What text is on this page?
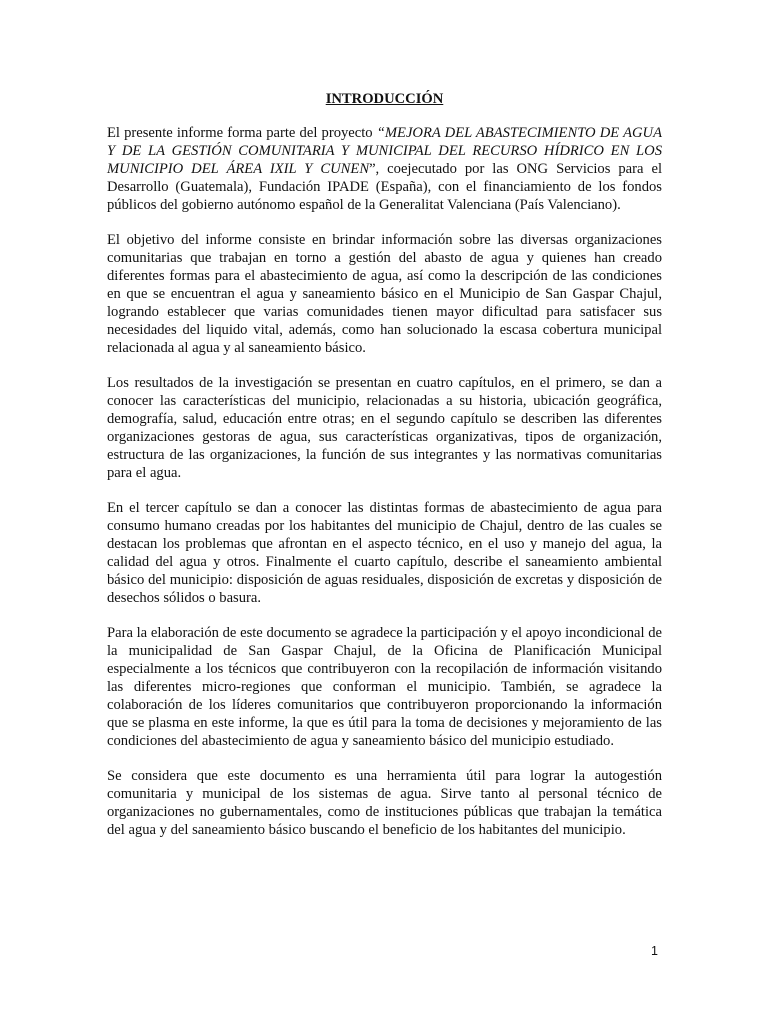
INTRODUCCIÓN

El presente informe forma parte del proyecto “MEJORA DEL ABASTECIMIENTO DE AGUA Y DE LA GESTIÓN COMUNITARIA Y MUNICIPAL DEL RECURSO HÍDRICO EN LOS MUNICIPIO DEL ÁREA IXIL Y CUNEN”, coejecutado por las ONG Servicios para el Desarrollo (Guatemala), Fundación IPADE (España), con el financiamiento de los fondos públicos del gobierno autónomo español de la Generalitat Valenciana (País Valenciano).

El objetivo del informe consiste en brindar información sobre las diversas organizaciones comunitarias que trabajan en torno a gestión del abasto de agua y quienes han creado diferentes formas para el abastecimiento de agua, así como la descripción de las condiciones en que se encuentran el agua y saneamiento básico en el Municipio de San Gaspar Chajul, logrando establecer que varias comunidades tienen mayor dificultad para satisfacer sus necesidades del liquido vital, además, como han solucionado la escasa cobertura municipal relacionada al agua y al saneamiento básico.

Los resultados de la investigación se presentan en cuatro capítulos, en el primero, se dan a conocer las características del municipio, relacionadas a su historia, ubicación geográfica, demografía, salud, educación entre otras; en el segundo capítulo se describen las diferentes organizaciones gestoras de agua, sus características organizativas, tipos de organización, estructura de las organizaciones, la función de sus integrantes y las normativas comunitarias para el agua.

En el tercer capítulo se dan a conocer las distintas formas de abastecimiento de agua para consumo humano creadas por los habitantes del municipio de Chajul, dentro de las cuales se destacan los problemas que afrontan en el aspecto técnico, en el uso y manejo del agua, la calidad del agua y otros. Finalmente el cuarto capítulo, describe el saneamiento ambiental básico del municipio: disposición de aguas residuales, disposición de excretas y disposición de desechos sólidos o basura.

Para la elaboración de este documento se agradece la participación y el apoyo incondicional de la municipalidad de San Gaspar Chajul, de la Oficina de Planificación Municipal especialmente a los técnicos que contribuyeron con la recopilación de información visitando las diferentes micro-regiones que conforman el municipio. También, se agradece la colaboración de los líderes comunitarios que contribuyeron proporcionando la información que se plasma en este informe, la que es útil para la toma de decisiones y mejoramiento de las condiciones del abastecimiento de agua y saneamiento básico del municipio estudiado.

Se considera que este documento es una herramienta útil para lograr la autogestión comunitaria y municipal de los sistemas de agua. Sirve tanto al personal técnico de organizaciones no gubernamentales, como de instituciones públicas que trabajan la temática del agua y del saneamiento básico buscando el beneficio de los habitantes del municipio.

1
